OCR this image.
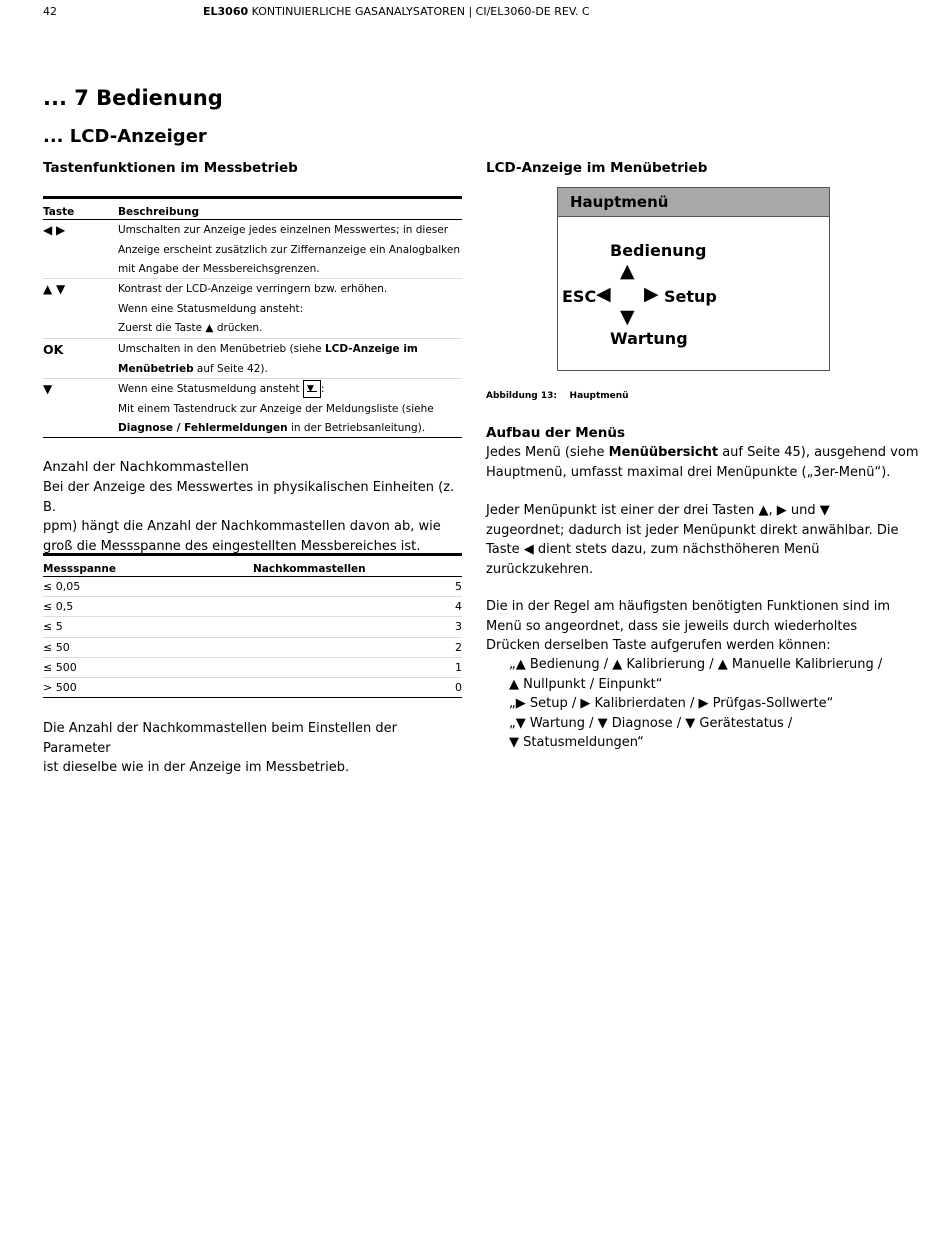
42	EL3060 KONTINUIERLICHE GASANALYSATOREN | CI/EL3060-DE REV. C
... 7 Bedienung
... LCD-Anzeiger
Tastenfunktionen im Messbetrieb
Taste	Beschreibung
◀ ▶	Umschalten zur Anzeige jedes einzelnen Messwertes; in dieser
Anzeige erscheint zusätzlich zur Ziffernanzeige ein Analogbalken
mit Angabe der Messbereichsgrenzen.
▲ ▼	Kontrast der LCD-Anzeige verringern bzw. erhöhen.
Wenn eine Statusmeldung ansteht:
Zuerst die Taste ▲ drücken.
OK	Umschalten in den Menübetrieb (siehe LCD-Anzeige im
Menübetrieb auf Seite 42).
▼	Wenn eine Statusmeldung ansteht ▼:
Mit einem Tastendruck zur Anzeige der Meldungsliste (siehe
Diagnose / Fehlermeldungen in der Betriebsanleitung).
Anzahl der Nachkommastellen
Bei der Anzeige des Messwertes in physikalischen Einheiten (z. B.
ppm) hängt die Anzahl der Nachkommastellen davon ab, wie
groß die Messspanne des eingestellten Messbereiches ist.
Messspanne	Nachkommastellen
≤ 0,05	5
≤ 0,5	4
≤ 5	3
≤ 50	2
≤ 500	1
> 500	0
Die Anzahl der Nachkommastellen beim Einstellen der Parameter
ist dieselbe wie in der Anzeige im Messbetrieb.
LCD-Anzeige im Menübetrieb
Hauptmenü
Bedienung
▲
ESC ◀ ▶ Setup
▼
Wartung
Abbildung 13: Hauptmenü
Aufbau der Menüs
Jedes Menü (siehe Menüübersicht auf Seite 45), ausgehend vom
Hauptmenü, umfasst maximal drei Menüpunkte („3er-Menü“).
Jeder Menüpunkt ist einer der drei Tasten ▲, ▶ und ▼
zugeordnet; dadurch ist jeder Menüpunkt direkt anwählbar. Die
Taste ◀ dient stets dazu, zum nächsthöheren Menü
zurückzukehren.
Die in der Regel am häufigsten benötigten Funktionen sind im
Menü so angeordnet, dass sie jeweils durch wiederholtes
Drücken derselben Taste aufgerufen werden können:
„▲ Bedienung / ▲ Kalibrierung / ▲ Manuelle Kalibrierung /
▲ Nullpunkt / Einpunkt“
„▶ Setup / ▶ Kalibrierdaten / ▶ Prüfgas-Sollwerte“
„▼ Wartung / ▼ Diagnose / ▼ Gerätestatus /
▼ Statusmeldungen“
